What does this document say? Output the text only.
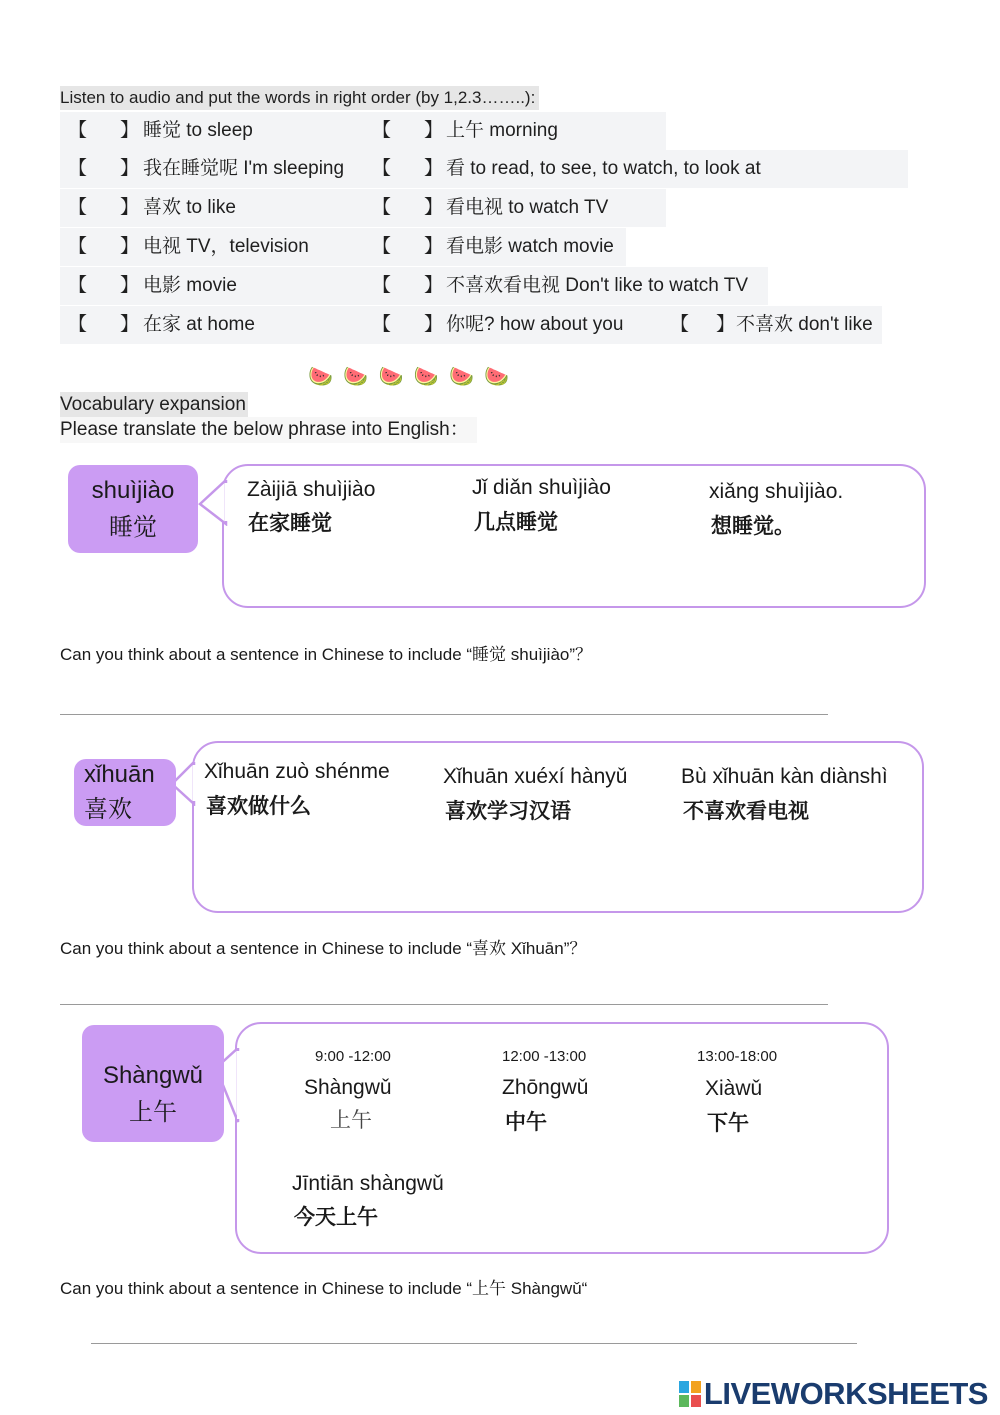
Listen to audio and put the words in right order (by 1,2.3……..):
【 】 睡觉 to sleep	【 】 上午 morning
【 】 我在睡觉呢 I'm sleeping 【 】 看 to read, to see, to watch, to look at
【 】 喜欢 to like	【 】 看电视 to watch TV
【 】 电视 TV，television	【 】 看电影 watch movie
【 】 电影 movie	【 】 不喜欢看电视 Don't like to watch TV
【 】 在家 at home	【 】 你呢? how about you 【 】 不喜欢 don't like
🍉 🍉 🍉 🍉 🍉 🍉
Vocabulary expansion
Please translate the below phrase into English：
shuìjiào
睡觉
Zàijiā shuìjiào
在家睡觉
Jǐ diǎn shuìjiào
几点睡觉
xiǎng shuìjiào.
想睡觉。
Can you think about a sentence in Chinese to include “睡觉 shuìjiào”？
xǐhuān
喜欢
Xǐhuān zuò shénme
喜欢做什么
Xǐhuān xuéxí hànyǔ
喜欢学习汉语
Bù xǐhuān kàn diànshì
不喜欢看电视
Can you think about a sentence in Chinese to include “喜欢 Xǐhuān”？
Shàngwǔ
上午
9:00 -12:00
Shàngwǔ
上午
12:00 -13:00
Zhōngwǔ
中午
13:00-18:00
Xiàwǔ
下午
Jīntiān shàngwǔ
今天上午
Can you think about a sentence in Chinese to include “上午 Shàngwǔ“
LIVEWORKSHEETS
